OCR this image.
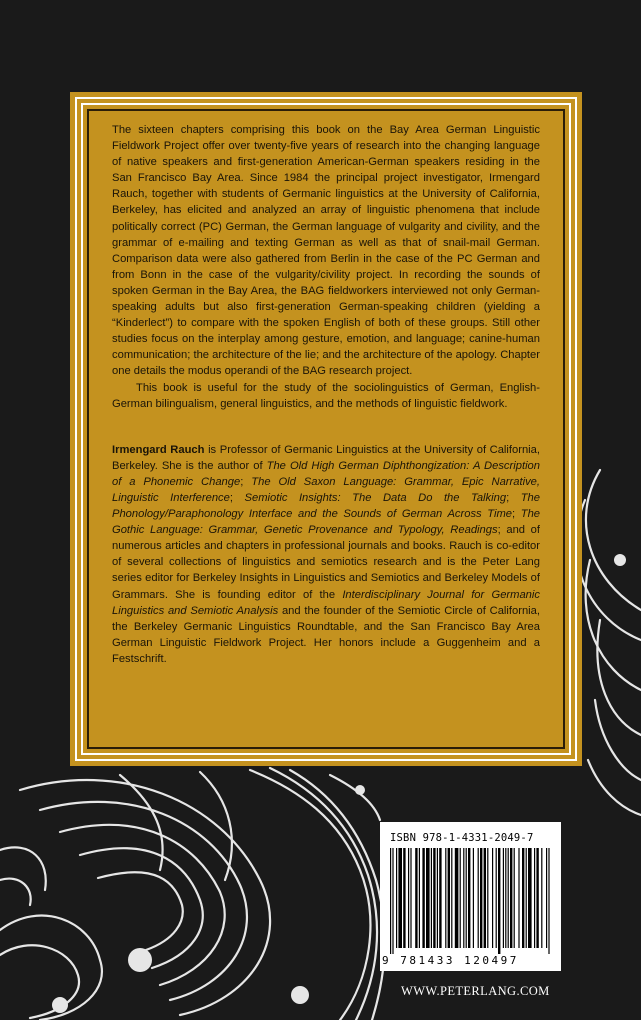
The sixteen chapters comprising this book on the Bay Area German Linguistic Fieldwork Project offer over twenty-five years of research into the changing language of native speakers and first-generation American-German speakers residing in the San Francisco Bay Area. Since 1984 the principal project investigator, Irmengard Rauch, together with students of Germanic linguistics at the University of California, Berkeley, has elicited and analyzed an array of linguistic phenomena that include politically correct (PC) German, the German language of vulgarity and civility, and the grammar of e-mailing and texting German as well as that of snail-mail German. Comparison data were also gathered from Berlin in the case of the PC German and from Bonn in the case of the vulgarity/civility project. In recording the sounds of spoken German in the Bay Area, the BAG fieldworkers interviewed not only German-speaking adults but also first-generation German-speaking children (yielding a “Kinderlect”) to compare with the spoken English of both of these groups. Still other studies focus on the interplay among gesture, emotion, and language; canine-human communication; the architecture of the lie; and the architecture of the apology. Chapter one details the modus operandi of the BAG research project.

This book is useful for the study of the sociolinguistics of German, English-German bilingualism, general linguistics, and the methods of linguistic fieldwork.

Irmengard Rauch is Professor of Germanic Linguistics at the University of California, Berkeley. She is the author of The Old High German Diphthongization: A Description of a Phonemic Change; The Old Saxon Language: Grammar, Epic Narrative, Linguistic Interference; Semiotic Insights: The Data Do the Talking; The Phonology/Paraphonology Interface and the Sounds of German Across Time; The Gothic Language: Grammar, Genetic Provenance and Typology, Readings; and of numerous articles and chapters in professional journals and books. Rauch is co-editor of several collections of linguistics and semiotics research and is the Peter Lang series editor for Berkeley Insights in Linguistics and Semiotics and Berkeley Models of Grammars. She is founding editor of the Interdisciplinary Journal for Germanic Linguistics and Semiotic Analysis and the founder of the Semiotic Circle of California, the Berkeley Germanic Linguistics Roundtable, and the San Francisco Bay Area German Linguistic Fieldwork Project. Her honors include a Guggenheim and a Festschrift.

ISBN 978-1-4331-2049-7
9 781433 120497
WWW.PETERLANG.COM
